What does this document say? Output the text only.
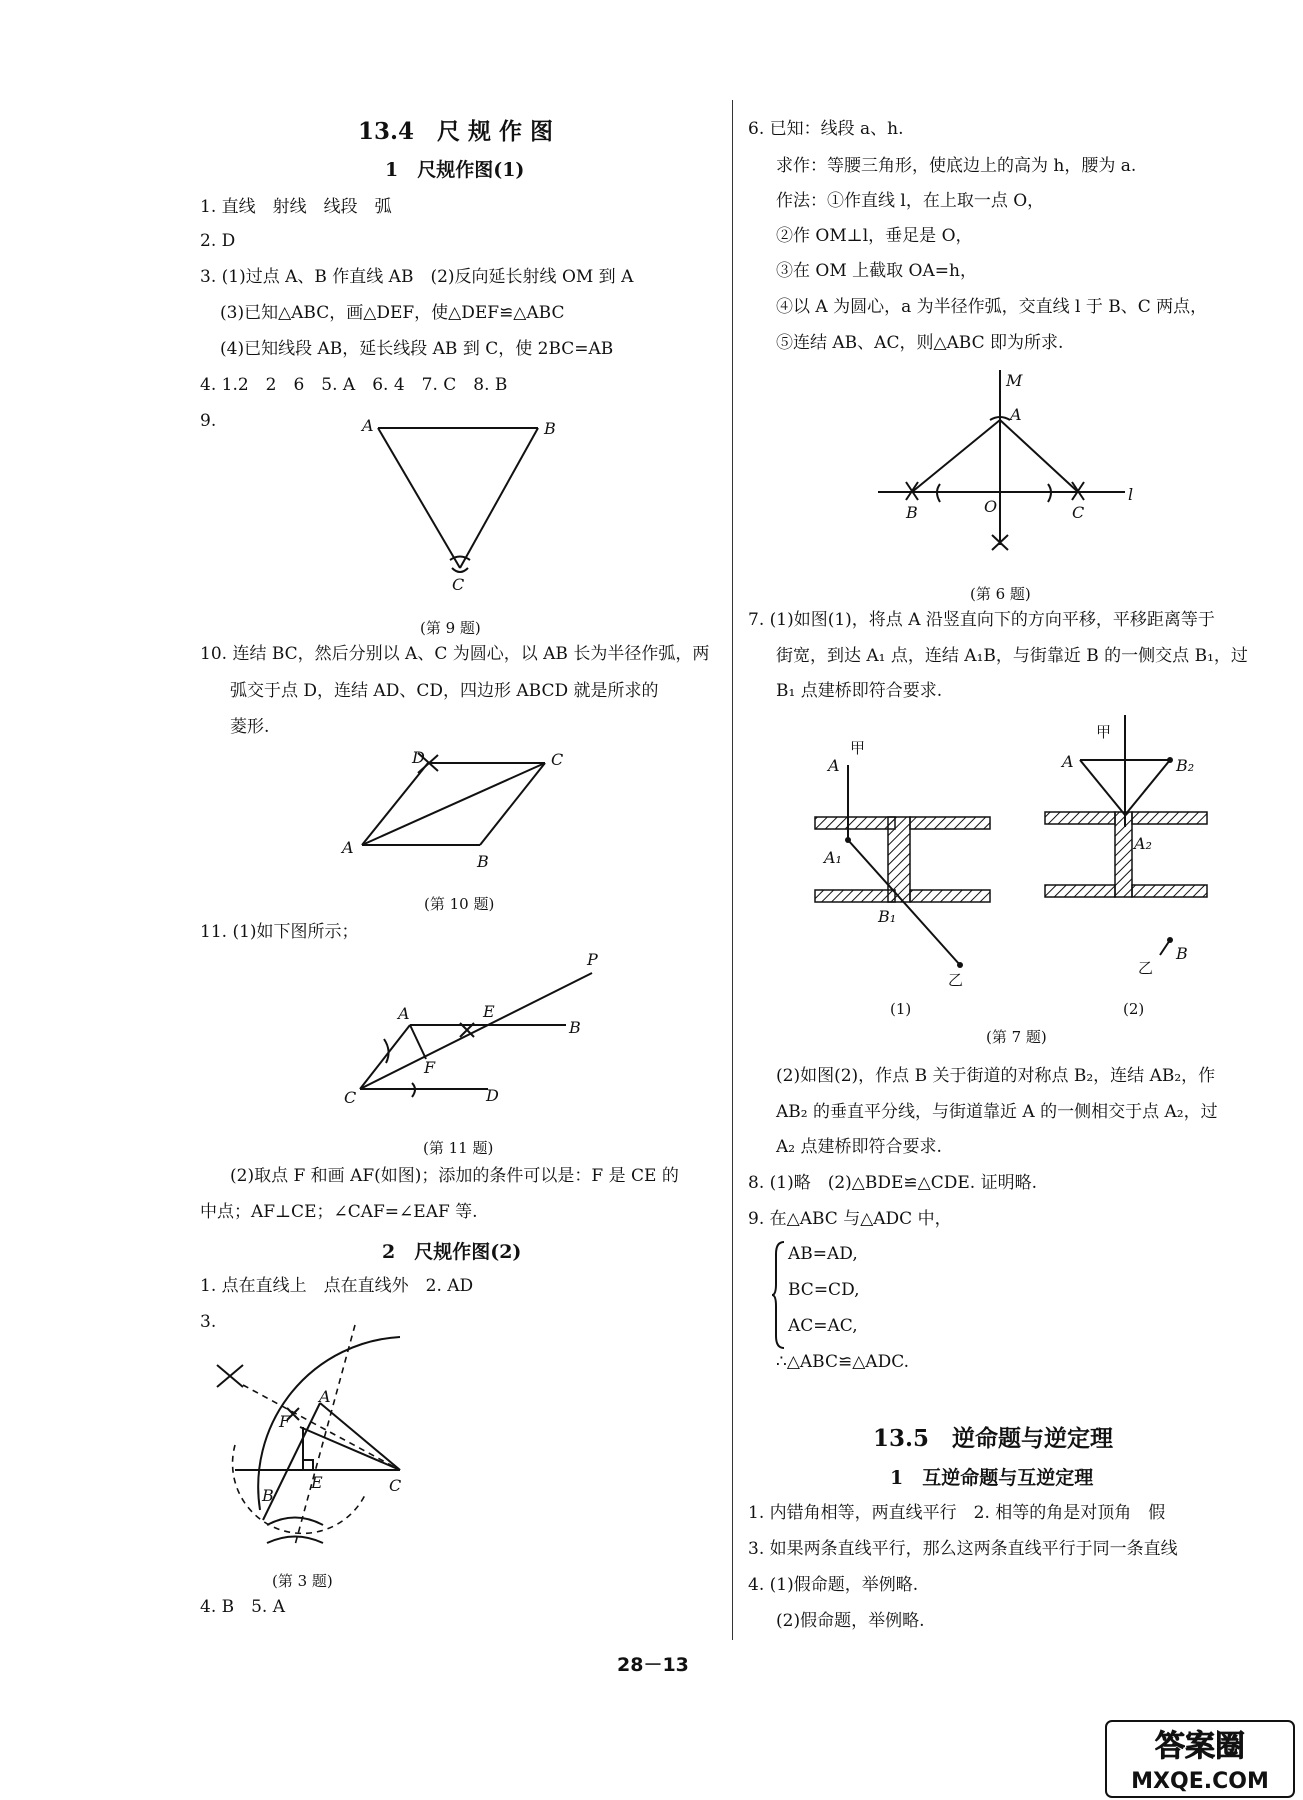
13.4　尺 规 作 图
1　尺规作图(1)
1. 直线　射线　线段　弧
2. D
3. (1)过点 A、B 作直线 AB　(2)反向延长射线 OM 到 A
(3)已知△ABC，画△DEF，使△DEF≌△ABC
(4)已知线段 AB，延长线段 AB 到 C，使 2BC=AB
4. 1.2　2　6　5. A　6. 4　7. C　8. B
9.	A	B
C
(第 9 题)
10. 连结 BC，然后分别以 A、C 为圆心，以 AB 长为半径作弧，两
弧交于点 D，连结 AD、CD，四边形 ABCD 就是所求的
菱形.
D	C
A
B
(第 10 题)
11. (1)如下图所示；
P
A	E
B
F
C	D
(第 11 题)
(2)取点 F 和画 AF(如图)；添加的条件可以是：F 是 CE 的
中点；AF⊥CE；∠CAF=∠EAF 等.
2　尺规作图(2)
1. 点在直线上　点在直线外　2. AD
3.
A
F
E
B
C
(第 3 题)
4. B　5. A
6. 已知：线段 a、h.
求作：等腰三角形，使底边上的高为 h，腰为 a.
作法：①作直线 l，在上取一点 O，
②作 OM⊥l，垂足是 O，
③在 OM 上截取 OA=h，
④以 A 为圆心，a 为半径作弧，交直线 l 于 B、C 两点，
⑤连结 AB、AC，则△ABC 即为所求.
M
A
B	O	C
l
(第 6 题)
7. (1)如图(1)，将点 A 沿竖直向下的方向平移，平移距离等于
街宽，到达 A₁ 点，连结 A₁B，与街靠近 B 的一侧交点 B₁，过
B₁ 点建桥即符合要求.
甲
A
A₁
B₁
乙
甲
A	B₂
A₂
乙
B
(1)	(2)
(第 7 题)
(2)如图(2)，作点 B 关于街道的对称点 B₂，连结 AB₂，作
AB₂ 的垂直平分线，与街道靠近 A 的一侧相交于点 A₂，过
A₂ 点建桥即符合要求.
8. (1)略　(2)△BDE≌△CDE. 证明略.
9. 在△ABC 与△ADC 中，
AB=AD,
BC=CD,
AC=AC,
∴△ABC≌△ADC.
13.5　逆命题与逆定理
1　互逆命题与互逆定理
1. 内错角相等，两直线平行　2. 相等的角是对顶角　假
3. 如果两条直线平行，那么这两条直线平行于同一条直线
4. (1)假命题，举例略.
(2)假命题，举例略.
28－13
答案圈
MXQE.COM
